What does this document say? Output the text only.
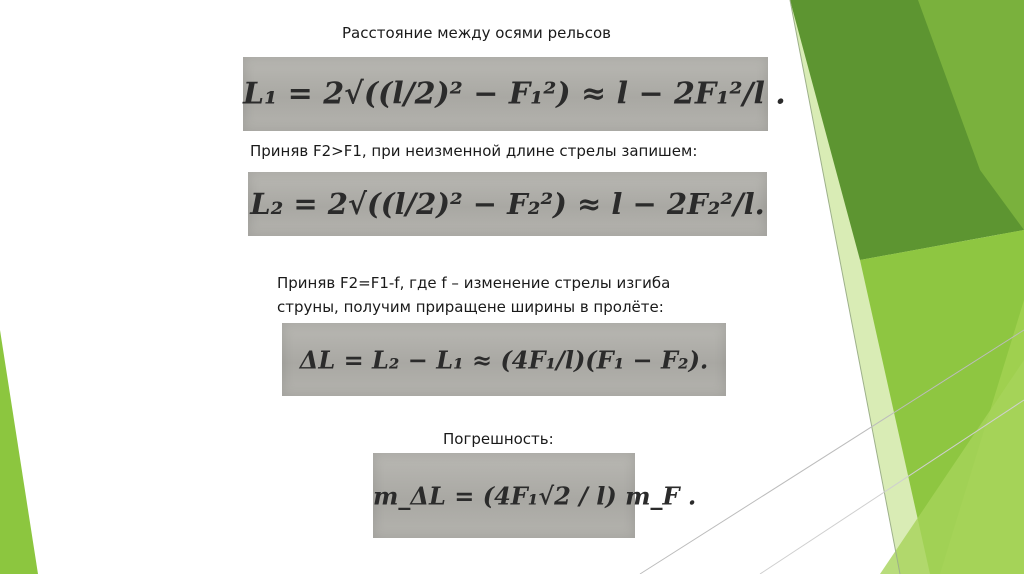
Расстояние между осями рельсов
L₁ = 2√((l/2)² − F₁²) ≈ l − 2F₁²/l .
Приняв F2>F1, при неизменной длине стрелы запишем:
L₂ = 2√((l/2)² − F₂²) ≈ l − 2F₂²/l.
Приняв F2=F1-f, где f – изменение стрелы изгиба
струны, получим приращене ширины в пролёте:
ΔL = L₂ − L₁ ≈ (4F₁/l)(F₁ − F₂).
Погрешность:
m_ΔL = (4F₁√2 / l) m_F .
